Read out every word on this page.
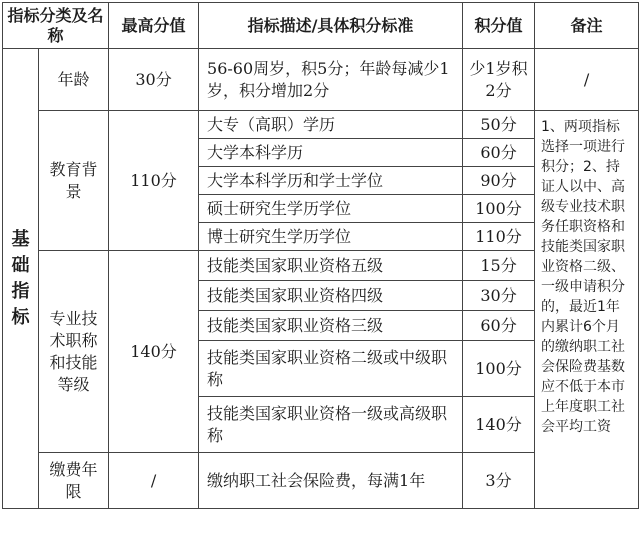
指标分类及名称		最高分值	指标描述/具体积分标准	积分值	备注	
基础指标	年龄	30分	56-60周岁，积5分；年龄每减少1岁，积分增加2分	少1岁积2分	/	
	教育背景	110分	大专（高职）学历	50分	1、两项指标选择一项进行积分；2、持证人以中、高级专业技术职务任职资格和技能类国家职业资格二级、一级申请积分的，最近1年内累计6个月的缴纳职工社会保险费基数应不低于本市上年度职工社会平均工资	
			大学本科学历	60分		
			大学本科学历和学士学位	90分		
			硕士研究生学历学位	100分		
			博士研究生学历学位	110分		
	专业技术职称和技能等级	140分	技能类国家职业资格五级	15分		
			技能类国家职业资格四级	30分		
			技能类国家职业资格三级	60分		
			技能类国家职业资格二级或中级职称	100分		
			技能类国家职业资格一级或高级职称	140分		
	缴费年限	/	缴纳职工社会保险费，每满1年	3分		
